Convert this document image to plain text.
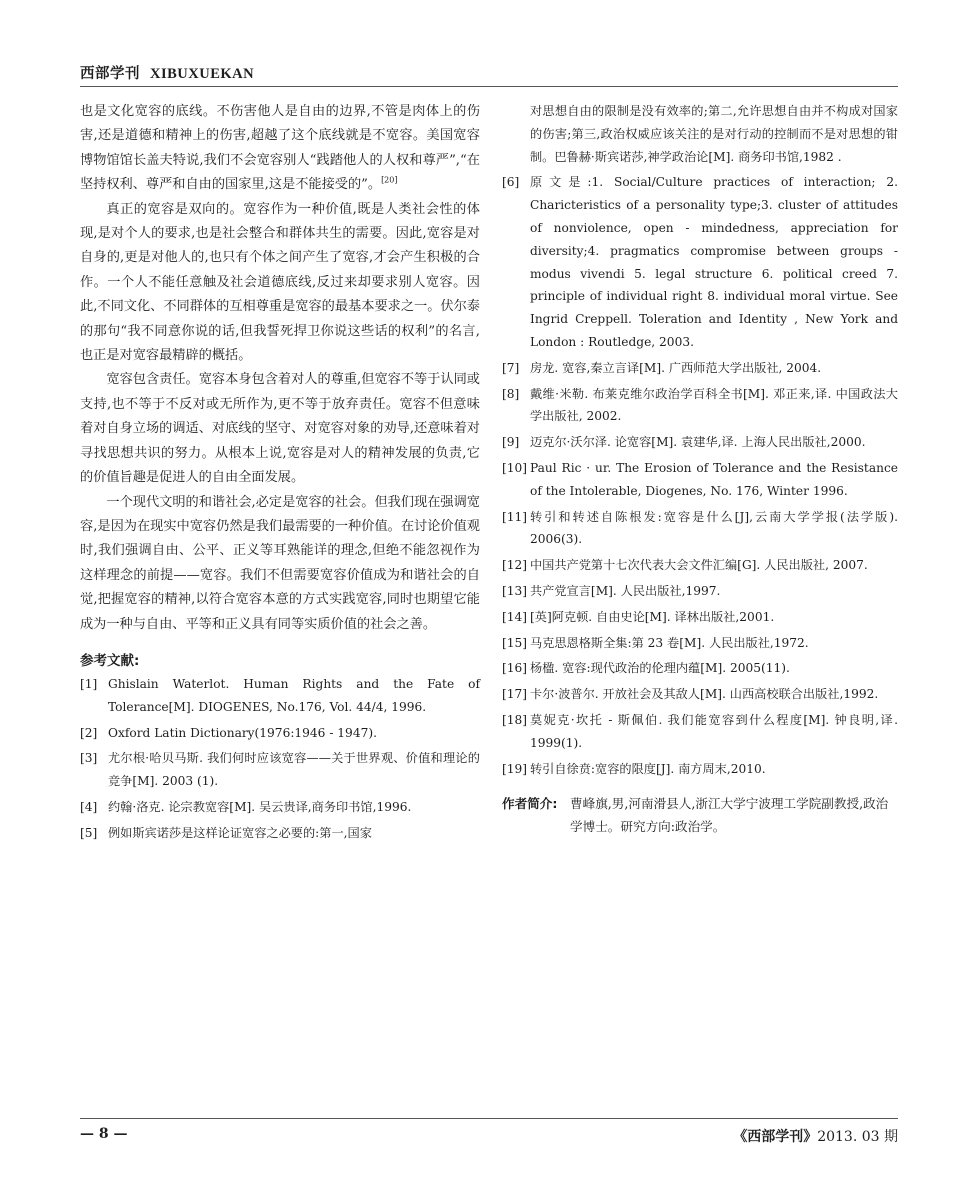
西部学刊 XIBUXUEKAN

也是文化宽容的底线。不伤害他人是自由的边界,不管是肉体上的伤害,还是道德和精神上的伤害,超越了这个底线就是不宽容。美国宽容博物馆馆长盖夫特说,我们不会宽容别人“践踏他人的人权和尊严”,“在坚持权利、尊严和自由的国家里,这是不能接受的”。[20]

真正的宽容是双向的。宽容作为一种价值,既是人类社会性的体现,是对个人的要求,也是社会整合和群体共生的需要。因此,宽容是对自身的,更是对他人的,也只有个体之间产生了宽容,才会产生积极的合作。一个人不能任意触及社会道德底线,反过来却要求别人宽容。因此,不同文化、不同群体的互相尊重是宽容的最基本要求之一。伏尔泰的那句“我不同意你说的话,但我誓死捍卫你说这些话的权利”的名言,也正是对宽容最精辟的概括。

宽容包含责任。宽容本身包含着对人的尊重,但宽容不等于认同或支持,也不等于不反对或无所作为,更不等于放弃责任。宽容不但意味着对自身立场的调适、对底线的坚守、对宽容对象的劝导,还意味着对寻找思想共识的努力。从根本上说,宽容是对人的精神发展的负责,它的价值旨趣是促进人的自由全面发展。

一个现代文明的和谐社会,必定是宽容的社会。但我们现在强调宽容,是因为在现实中宽容仍然是我们最需要的一种价值。在讨论价值观时,我们强调自由、公平、正义等耳熟能详的理念,但绝不能忽视作为这样理念的前提——宽容。我们不但需要宽容价值成为和谐社会的自觉,把握宽容的精神,以符合宽容本意的方式实践宽容,同时也期望它能成为一种与自由、平等和正义具有同等实质价值的社会之善。

参考文献:
[1] Ghislain Waterlot. Human Rights and the Fate of Tolerance[M]. DIOGENES, No.176, Vol. 44/4, 1996.
[2] Oxford Latin Dictionary(1976:1946 - 1947).
[3] 尤尔根·哈贝马斯. 我们何时应该宽容——关于世界观、价值和理论的竞争[M]. 2003 (1).
[4] 约翰·洛克. 论宗教宽容[M]. 吴云贵译,商务印书馆,1996.
[5] 例如斯宾诺莎是这样论证宽容之必要的:第一,国家
对思想自由的限制是没有效率的;第二,允许思想自由并不构成对国家的伤害;第三,政治权威应该关注的是对行动的控制而不是对思想的钳制。巴鲁赫·斯宾诺莎,神学政治论[M]. 商务印书馆,1982 .
[6] 原文是:1. Social/Culture practices of interaction; 2. Charicteristics of a personality type;3. cluster of attitudes of nonviolence, open - mindedness, appreciation for diversity;4. pragmatics compromise between groups - modus vivendi 5. legal structure 6. political creed 7. principle of individual right 8. individual moral virtue. See Ingrid Creppell. Toleration and Identity , New York and London : Routledge, 2003.
[7] 房龙. 宽容,秦立言译[M]. 广西师范大学出版社, 2004.
[8] 戴维·米勒. 布莱克维尔政治学百科全书[M]. 邓正来,译. 中国政法大学出版社, 2002.
[9] 迈克尔·沃尔泽. 论宽容[M]. 袁建华,译. 上海人民出版社,2000.
[10] Paul Ric · ur. The Erosion of Tolerance and the Resistance of the Intolerable, Diogenes, No. 176, Winter 1996.
[11] 转引和转述自陈根发:宽容是什么[J],云南大学学报(法学版). 2006(3).
[12] 中国共产党第十七次代表大会文件汇编[G]. 人民出版社, 2007.
[13] 共产党宣言[M]. 人民出版社,1997.
[14] [英]阿克顿. 自由史论[M]. 译林出版社,2001.
[15] 马克思恩格斯全集:第 23 卷[M]. 人民出版社,1972.
[16] 杨楹. 宽容:现代政治的伦理内蕴[M]. 2005(11).
[17] 卡尔·波普尔. 开放社会及其敌人[M]. 山西高校联合出版社,1992.
[18] 莫妮克·坎托 - 斯佩伯. 我们能宽容到什么程度[M]. 钟良明,译. 1999(1).
[19] 转引自徐贲:宽容的限度[J]. 南方周末,2010.
作者简介: 曹峰旗,男,河南滑县人,浙江大学宁波理工学院副教授,政治学博士。研究方向:政治学。
— 8 —	《西部学刊》2013. 03 期
